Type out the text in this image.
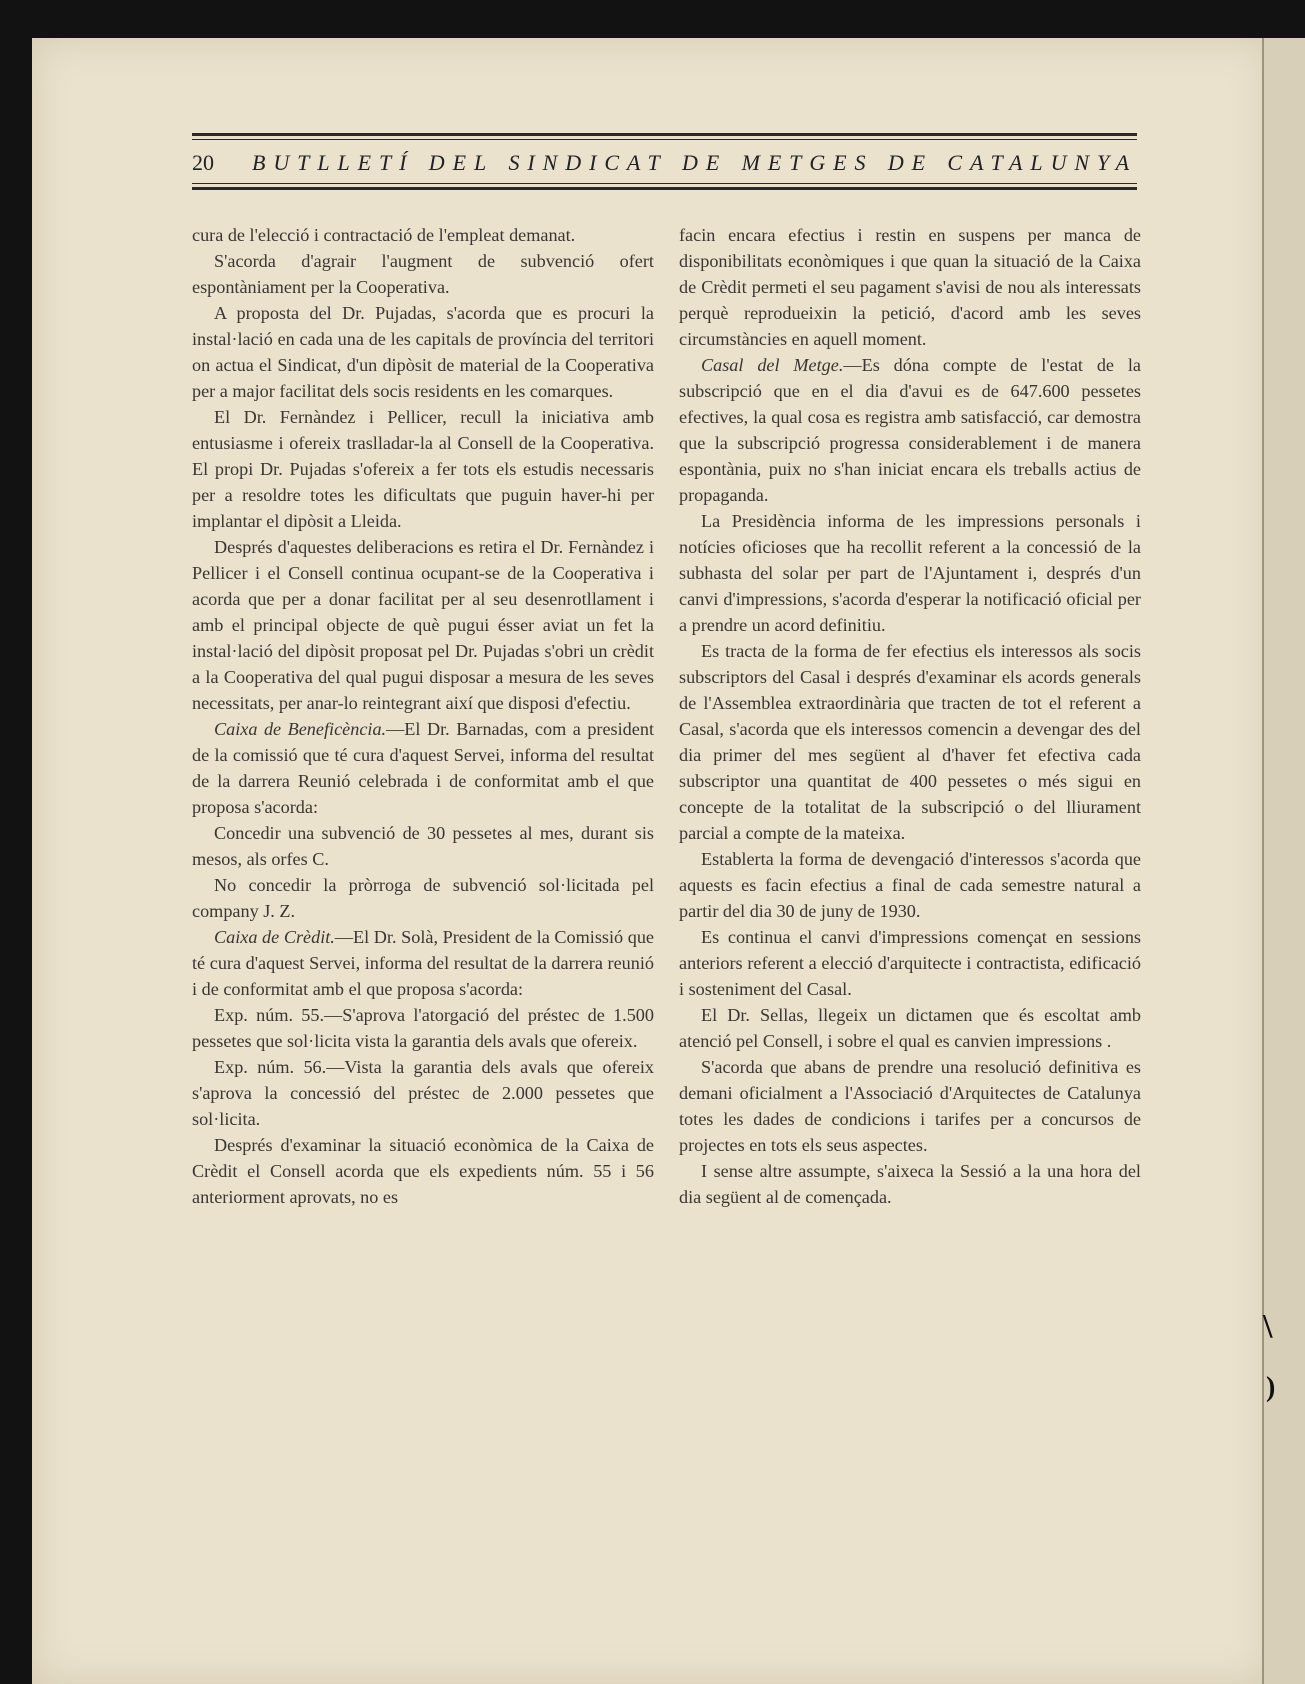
20	BUTLLETÍ DEL SINDICAT DE METGES DE CATALUNYA

cura de l'elecció i contractació de l'empleat demanat.

S'acorda d'agrair l'augment de subvenció ofert espontàniament per la Cooperativa.

A proposta del Dr. Pujadas, s'acorda que es procuri la instal·lació en cada una de les capitals de província del territori on actua el Sindicat, d'un dipòsit de material de la Cooperativa per a major facilitat dels socis residents en les comarques.

El Dr. Fernàndez i Pellicer, recull la iniciativa amb entusiasme i ofereix traslladar-la al Consell de la Cooperativa. El propi Dr. Pujadas s'ofereix a fer tots els estudis necessaris per a resoldre totes les dificultats que puguin haver-hi per implantar el dipòsit a Lleida.

Després d'aquestes deliberacions es retira el Dr. Fernàndez i Pellicer i el Consell continua ocupant-se de la Cooperativa i acorda que per a donar facilitat per al seu desenrotllament i amb el principal objecte de què pugui ésser aviat un fet la instal·lació del dipòsit proposat pel Dr. Pujadas s'obri un crèdit a la Cooperativa del qual pugui disposar a mesura de les seves necessitats, per anar-lo reintegrant així que disposi d'efectiu.

Caixa de Beneficència.—El Dr. Barnadas, com a president de la comissió que té cura d'aquest Servei, informa del resultat de la darrera Reunió celebrada i de conformitat amb el que proposa s'acorda:

Concedir una subvenció de 30 pessetes al mes, durant sis mesos, als orfes C.

No concedir la pròrroga de subvenció sol·licitada pel company J. Z.

Caixa de Crèdit.—El Dr. Solà, President de la Comissió que té cura d'aquest Servei, informa del resultat de la darrera reunió i de conformitat amb el que proposa s'acorda:

Exp. núm. 55.—S'aprova l'atorgació del préstec de 1.500 pessetes que sol·licita vista la garantia dels avals que ofereix.

Exp. núm. 56.—Vista la garantia dels avals que ofereix s'aprova la concessió del préstec de 2.000 pessetes que sol·licita.

Després d'examinar la situació econòmica de la Caixa de Crèdit el Consell acorda que els expedients núm. 55 i 56 anteriorment aprovats, no es

facin encara efectius i restin en suspens per manca de disponibilitats econòmiques i que quan la situació de la Caixa de Crèdit permeti el seu pagament s'avisi de nou als interessats perquè reprodueixin la petició, d'acord amb les seves circumstàncies en aquell moment.

Casal del Metge.—Es dóna compte de l'estat de la subscripció que en el dia d'avui es de 647.600 pessetes efectives, la qual cosa es registra amb satisfacció, car demostra que la subscripció progressa considerablement i de manera espontània, puix no s'han iniciat encara els treballs actius de propaganda.

La Presidència informa de les impressions personals i notícies oficioses que ha recollit referent a la concessió de la subhasta del solar per part de l'Ajuntament i, després d'un canvi d'impressions, s'acorda d'esperar la notificació oficial per a prendre un acord definitiu.

Es tracta de la forma de fer efectius els interessos als socis subscriptors del Casal i després d'examinar els acords generals de l'Assemblea extraordinària que tracten de tot el referent a Casal, s'acorda que els interessos comencin a devengar des del dia primer del mes següent al d'haver fet efectiva cada subscriptor una quantitat de 400 pessetes o més sigui en concepte de la totalitat de la subscripció o del lliurament parcial a compte de la mateixa.

Establerta la forma de devengació d'interessos s'acorda que aquests es facin efectius a final de cada semestre natural a partir del dia 30 de juny de 1930.

Es continua el canvi d'impressions començat en sessions anteriors referent a elecció d'arquitecte i contractista, edificació i sosteniment del Casal.

El Dr. Sellas, llegeix un dictamen que és escoltat amb atenció pel Consell, i sobre el qual es canvien impressions .

S'acorda que abans de prendre una resolució definitiva es demani oficialment a l'Associació d'Arquitectes de Catalunya totes les dades de condicions i tarifes per a concursos de projectes en tots els seus aspectes.

I sense altre assumpte, s'aixeca la Sessió a la una hora del dia següent al de començada.

\
)
